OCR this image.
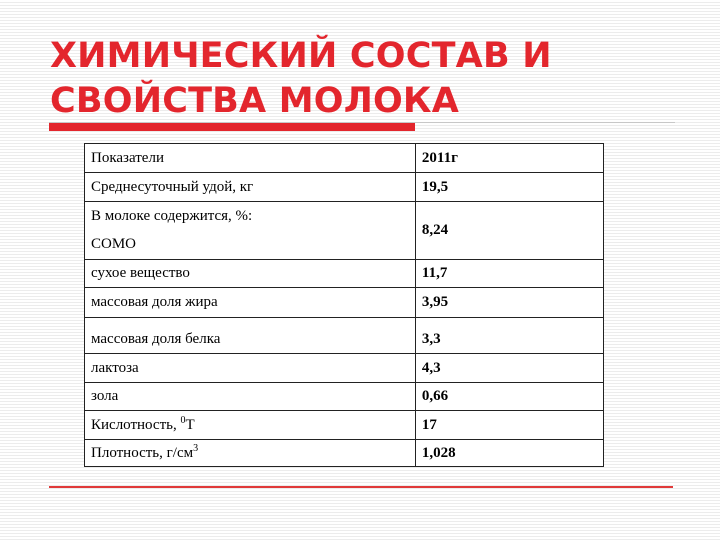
ХИМИЧЕСКИЙ СОСТАВ И
СВОЙСТВА МОЛОКА
Показатели	2011г
Среднесуточный удой, кг	19,5

В молоке содержится, %:
СОМО	8,24
сухое вещество	11,7
массовая доля жира	3,95
массовая доля белка	3,3
лактоза	4,3
зола	0,66
Кислотность, $^0$Т	17
Плотность, $г/см^3$	1,028
